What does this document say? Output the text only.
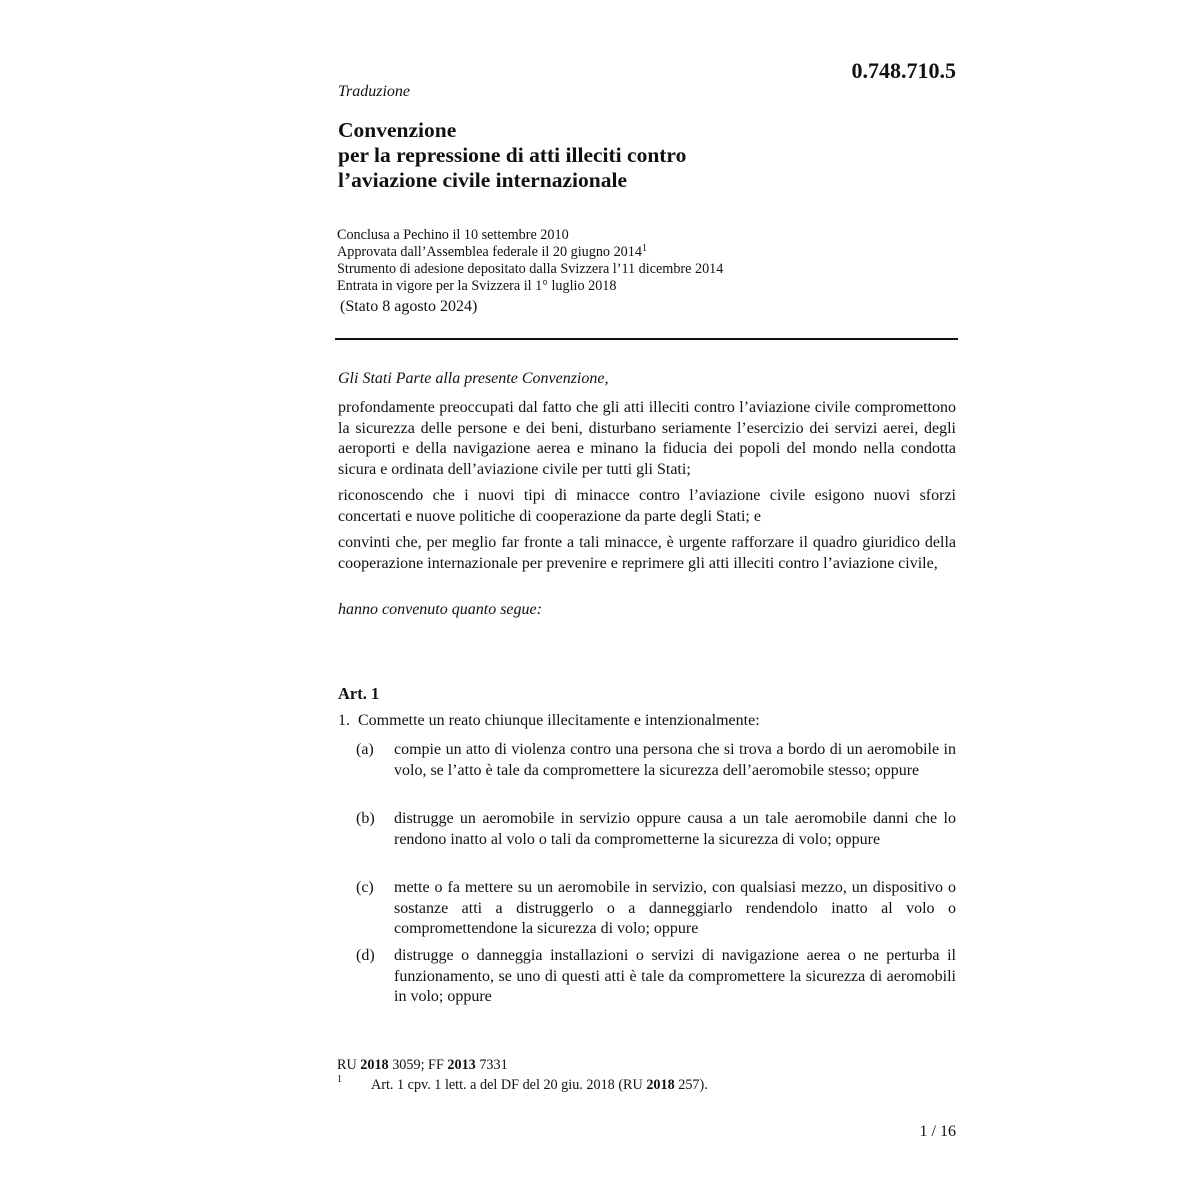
0.748.710.5
Traduzione
Convenzione
per la repressione di atti illeciti contro
l’aviazione civile internazionale
Conclusa a Pechino il 10 settembre 2010
Approvata dall’Assemblea federale il 20 giugno 2014$^1$
Strumento di adesione depositato dalla Svizzera l’11 dicembre 2014
Entrata in vigore per la Svizzera il 1° luglio 2018
(Stato 8 agosto 2024)
Gli Stati Parte alla presente Convenzione,
profondamente preoccupati dal fatto che gli atti illeciti contro l’aviazione civile compromettono la sicurezza delle persone e dei beni, disturbano seriamente l’esercizio dei servizi aerei, degli aeroporti e della navigazione aerea e minano la fiducia dei popoli del mondo nella condotta sicura e ordinata dell’aviazione civile per tutti gli Stati;
riconoscendo che i nuovi tipi di minacce contro l’aviazione civile esigono nuovi sforzi concertati e nuove politiche di cooperazione da parte degli Stati; e
convinti che, per meglio far fronte a tali minacce, è urgente rafforzare il quadro giuridico della cooperazione internazionale per prevenire e reprimere gli atti illeciti contro l’aviazione civile,
hanno convenuto quanto segue:
Art. 1
1.  Commette un reato chiunque illecitamente e intenzionalmente:
(a) compie un atto di violenza contro una persona che si trova a bordo di un aeromobile in volo, se l’atto è tale da compromettere la sicurezza dell’aeromobile stesso; oppure
(b) distrugge un aeromobile in servizio oppure causa a un tale aeromobile danni che lo rendono inatto al volo o tali da comprometterne la sicurezza di volo; oppure
(c) mette o fa mettere su un aeromobile in servizio, con qualsiasi mezzo, un dispositivo o sostanze atti a distruggerlo o a danneggiarlo rendendolo inatto al volo o compromettendone la sicurezza di volo; oppure
(d) distrugge o danneggia installazioni o servizi di navigazione aerea o ne perturba il funzionamento, se uno di questi atti è tale da compromettere la sicurezza di aeromobili in volo; oppure
RU 2018 3059; FF 2013 7331
1 Art. 1 cpv. 1 lett. a del DF del 20 giu. 2018 (RU 2018 257).
1 / 16
